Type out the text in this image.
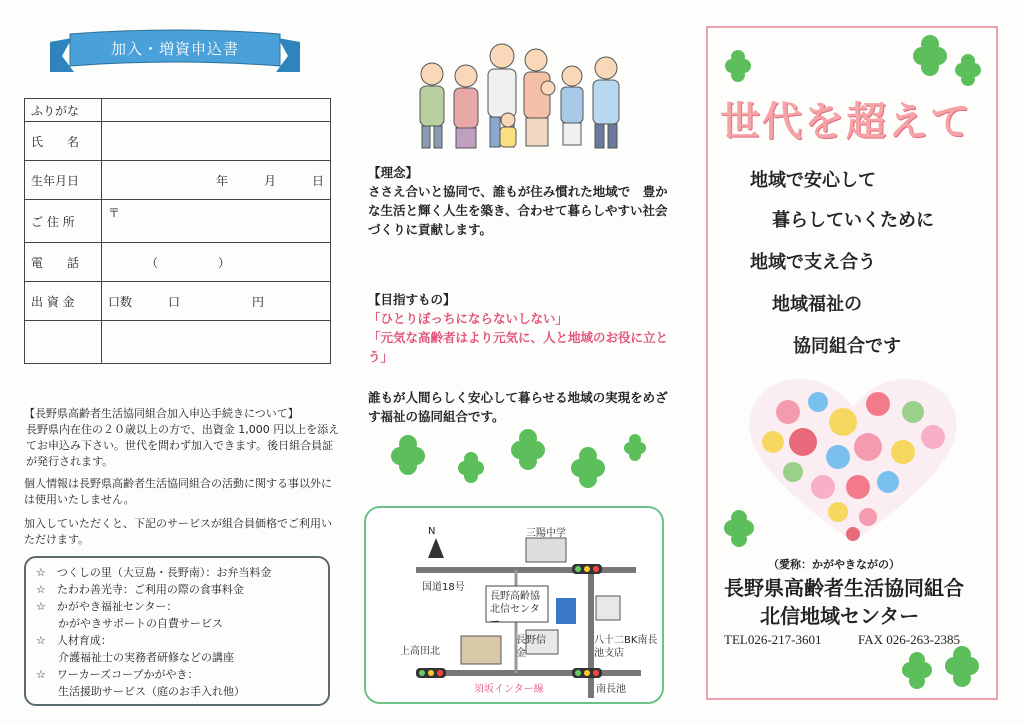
加入・増資申込書
ふりがな	
氏　　名	
生年月日	年　　　月　　　日
ご 住 所	〒
電　　話	（　　　　　）
出 資 金	口数　　　口　　　　　　円

【長野県高齢者生活協同組合加入申込手続きについて】
長野県内在住の２０歳以上の方で、出資金 1,000 円以上を添えてお申込み下さい。世代を問わず加入できます。後日組合員証が発行されます。
個人情報は長野県高齢者生活協同組合の活動に関する事以外には使用いたしません。
加入していただくと、下記のサービスが組合員価格でご利用いただけます。
☆　つくしの里（大豆島・長野南）：お弁当料金
☆　たわわ善光寺：ご利用の際の食事料金
☆　かがやき福祉センター：
　　かがやきサポートの自費サービス
☆　人材育成：
　　介護福祉士の実務者研修などの講座
☆　ワーカーズコープかがやき：
　　生活援助サービス（庭のお手入れ他）
【理念】
ささえ合いと協同で、誰もが住み慣れた地域で　豊かな生活と輝く人生を築き、合わせて暮らしやすい社会づくりに貢献します。
【目指すもの】
「ひとりぼっちにならないしない」
「元気な高齢者はより元気に、人と地域のお役に立とう」
誰もが人間らしく安心して暮らせる地域の実現をめざす福祉の協同組合です。
N	三陽中学
国道18号
長野高齢協北信センター
長野信金
八十二BK南長池支店
上高田北
須坂インター線	南長池
世代を超えて
地域で安心して
暮らしていくために
地域で支え合う
地域福祉の
協同組合です
（愛称：かがやきながの）
長野県高齢者生活協同組合
北信地域センター
TEL026-217-3601	FAX 026-263-2385
